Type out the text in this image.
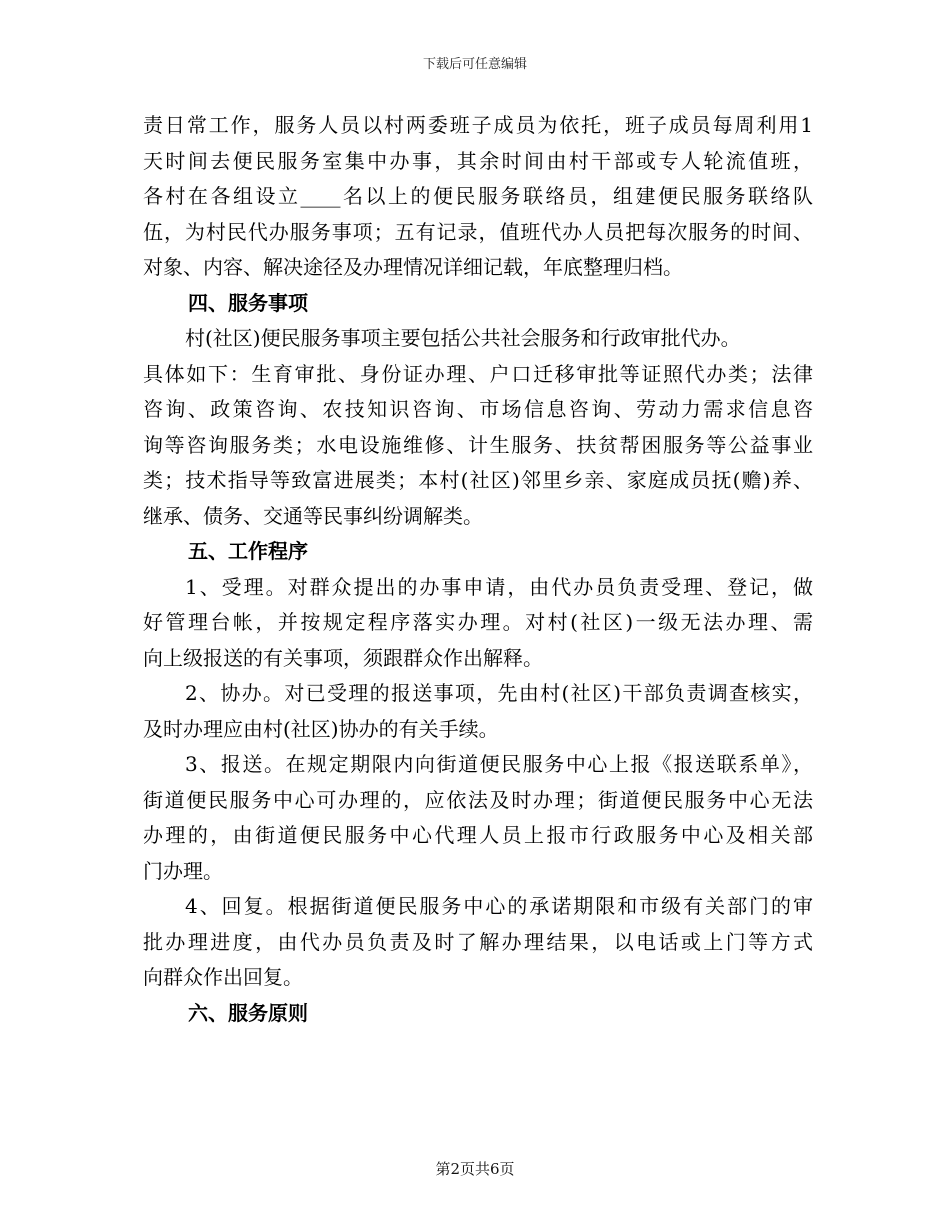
下载后可任意编辑
责日常工作，服务人员以村两委班子成员为依托，班子成员每周利用1
天时间去便民服务室集中办事，其余时间由村干部或专人轮流值班，
各村在各组设立____名以上的便民服务联络员，组建便民服务联络队
伍，为村民代办服务事项；五有记录，值班代办人员把每次服务的时间、
对象、内容、解决途径及办理情况详细记载，年底整理归档。
四、服务事项
村(社区)便民服务事项主要包括公共社会服务和行政审批代办。
具体如下：生育审批、身份证办理、户口迁移审批等证照代办类；法律
咨询、政策咨询、农技知识咨询、市场信息咨询、劳动力需求信息咨
询等咨询服务类；水电设施维修、计生服务、扶贫帮困服务等公益事业
类；技术指导等致富进展类；本村(社区)邻里乡亲、家庭成员抚(赡)养、
继承、债务、交通等民事纠纷调解类。
五、工作程序
1、受理。对群众提出的办事申请，由代办员负责受理、登记，做
好管理台帐，并按规定程序落实办理。对村(社区)一级无法办理、需
向上级报送的有关事项，须跟群众作出解释。
2、协办。对已受理的报送事项，先由村(社区)干部负责调查核实，
及时办理应由村(社区)协办的有关手续。
3、报送。在规定期限内向街道便民服务中心上报《报送联系单》，
街道便民服务中心可办理的，应依法及时办理；街道便民服务中心无法
办理的，由街道便民服务中心代理人员上报市行政服务中心及相关部
门办理。
4、回复。根据街道便民服务中心的承诺期限和市级有关部门的审
批办理进度，由代办员负责及时了解办理结果，以电话或上门等方式
向群众作出回复。
六、服务原则
第2页共6页
